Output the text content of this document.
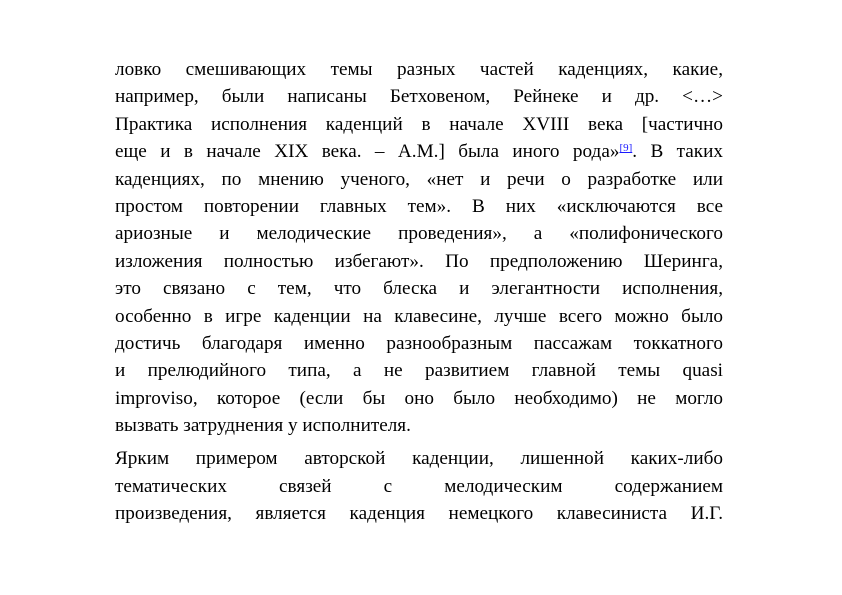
ловко смешивающих темы разных частей каденциях, какие,
например, были написаны Бетховеном, Рейнеке и др. <…>
Практика исполнения каденций в начале XVIII века [частично
еще и в начале XIX века. – А.М.] была иного рода»[9]. В таких
каденциях, по мнению ученого, «нет и речи о разработке или
простом повторении главных тем». В них «исключаются все
ариозные и мелодические проведения», а «полифонического
изложения полностью избегают». По предположению Шеринга,
это связано с тем, что блеска и элегантности исполнения,
особенно в игре каденции на клавесине, лучше всего можно было
достичь благодаря именно разнообразным пассажам токкатного
и прелюдийного типа, а не развитием главной темы quasi
improviso, которое (если бы оно было необходимо) не могло
вызвать затруднения у исполнителя.
Ярким примером авторской каденции, лишенной каких-либо
тематических связей с мелодическим содержанием
произведения, является каденция немецкого клавесиниста И.Г.
